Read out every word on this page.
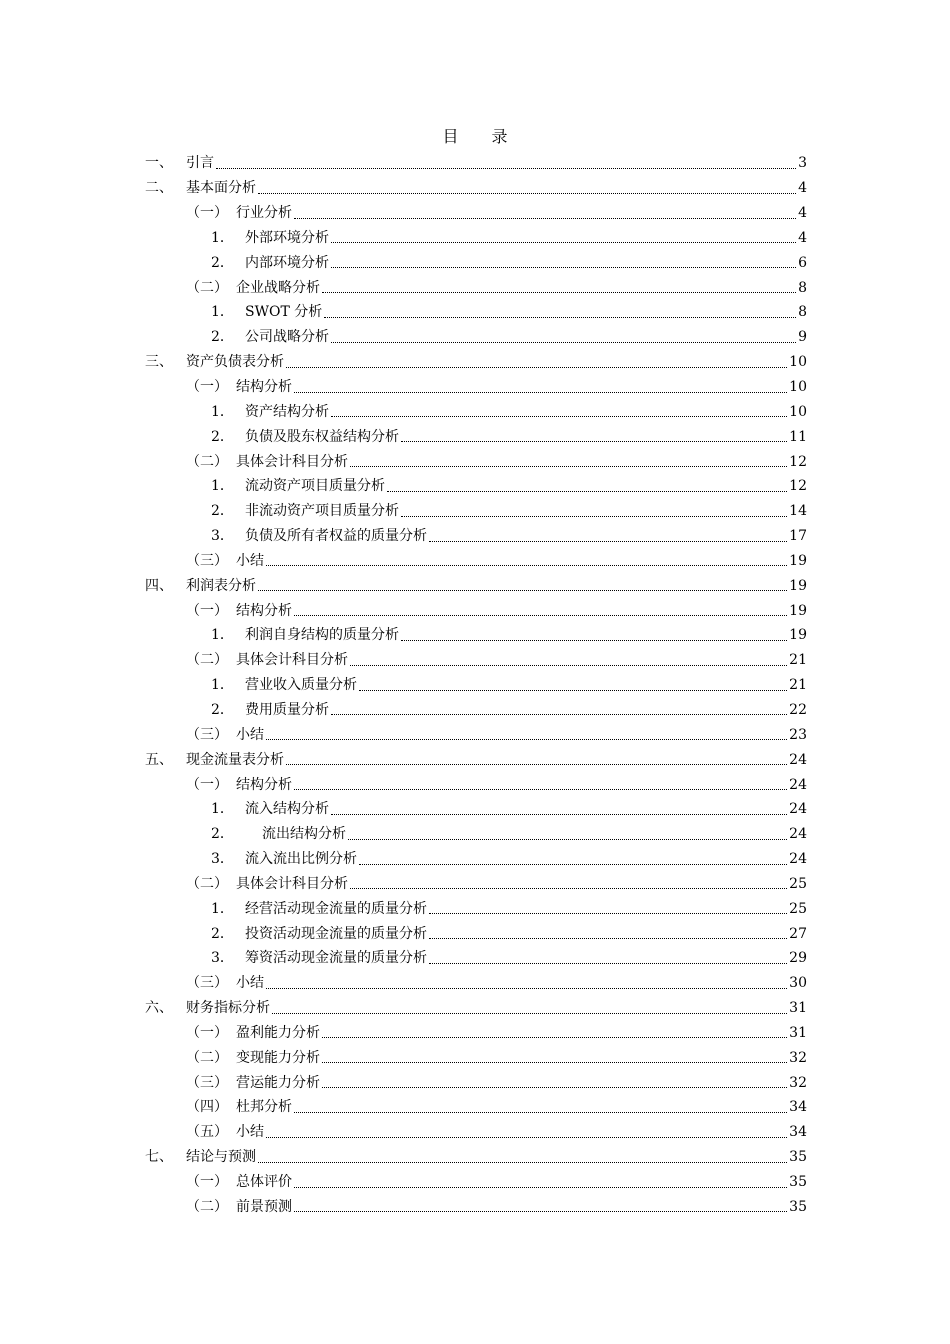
目 录
一、 引言	3
二、 基本面分析	4
（一） 行业分析	4
1． 外部环境分析	4
2． 内部环境分析	6
（二） 企业战略分析	8
1． SWOT 分析	8
2． 公司战略分析	9
三、 资产负债表分析	10
（一） 结构分析	10
1． 资产结构分析	10
2． 负债及股东权益结构分析	11
（二） 具体会计科目分析	12
1． 流动资产项目质量分析	12
2． 非流动资产项目质量分析	14
3． 负债及所有者权益的质量分析	17
（三） 小结	19
四、 利润表分析	19
（一） 结构分析	19
1． 利润自身结构的质量分析	19
（二） 具体会计科目分析	21
1． 营业收入质量分析	21
2． 费用质量分析	22
（三） 小结	23
五、 现金流量表分析	24
（一） 结构分析	24
1． 流入结构分析	24
2．	流出结构分析	24
3． 流入流出比例分析	24
（二） 具体会计科目分析	25
1． 经营活动现金流量的质量分析	25
2． 投资活动现金流量的质量分析	27
3． 筹资活动现金流量的质量分析	29
（三） 小结	30
六、 财务指标分析	31
（一） 盈利能力分析	31
（二） 变现能力分析	32
（三） 营运能力分析	32
（四） 杜邦分析	34
（五） 小结	34
七、 结论与预测	35
（一） 总体评价	35
（二） 前景预测	35
